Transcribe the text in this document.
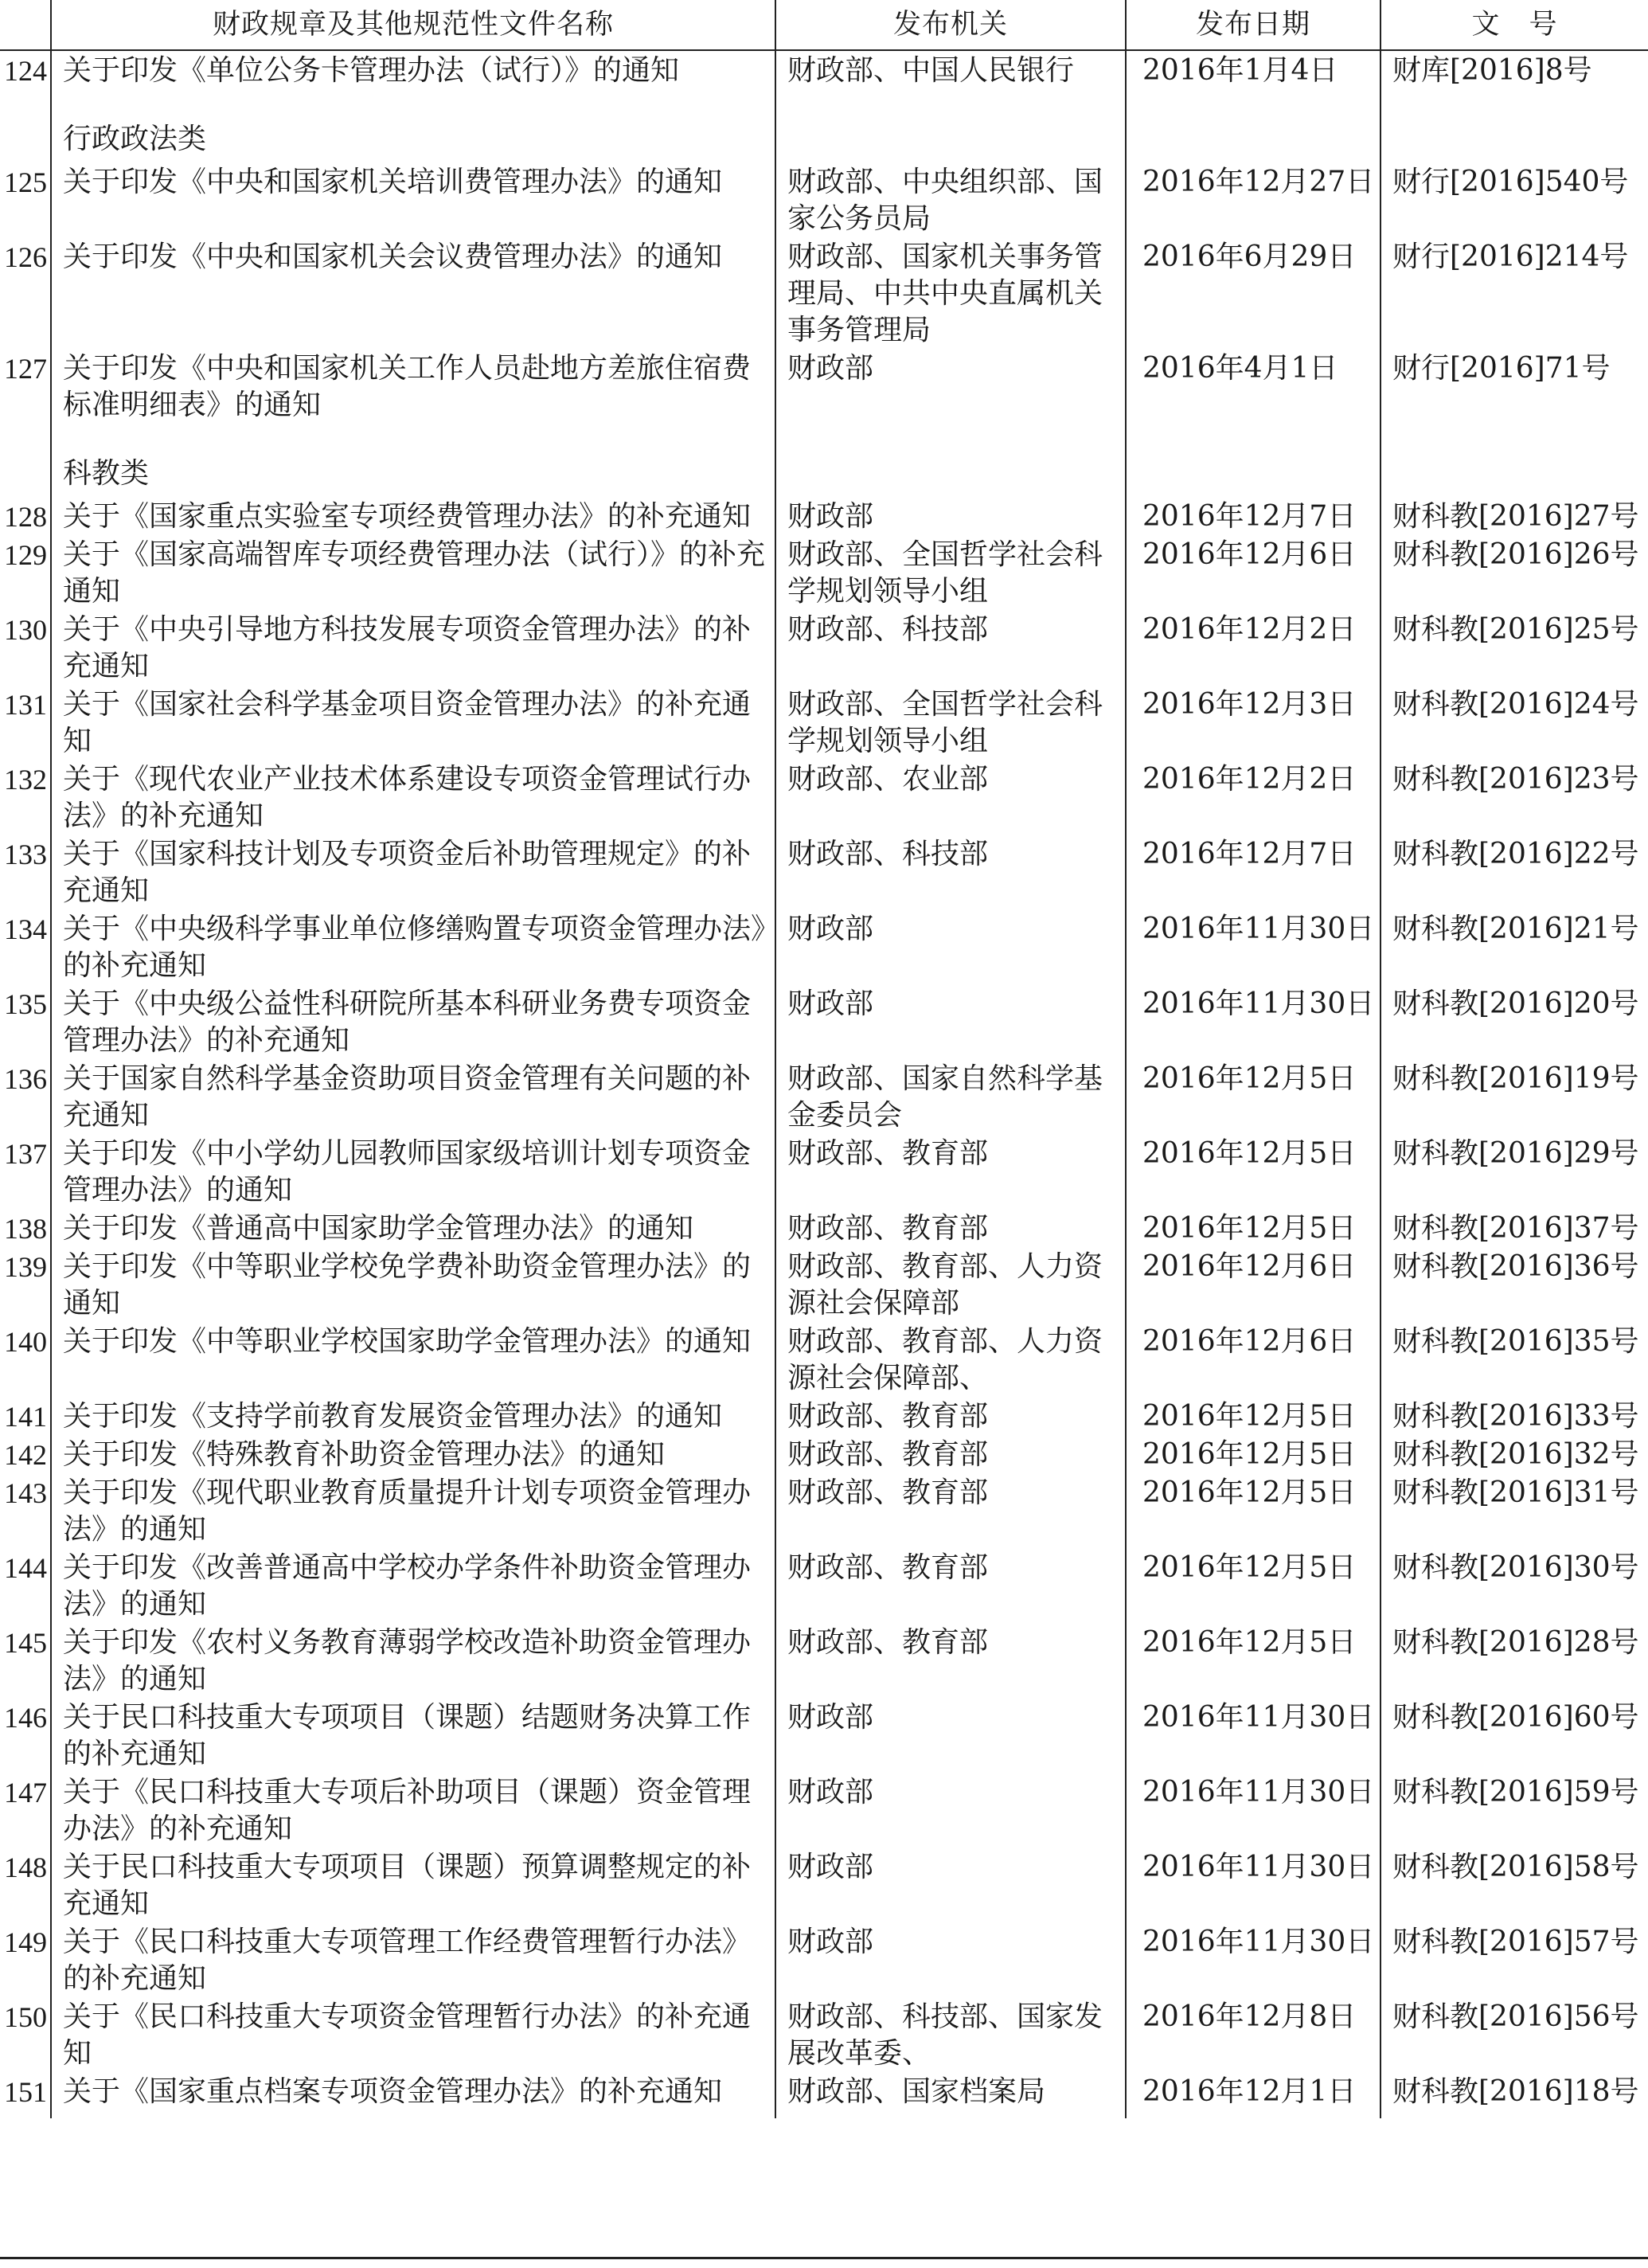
	财政规章及其他规范性文件名称	发布机关	发布日期	文　号
124	关于印发《单位公务卡管理办法（试行）》的通知	财政部、中国人民银行	2016年1月4日	财库[2016]8号
	行政政法类			
125	关于印发《中央和国家机关培训费管理办法》的通知	财政部、中央组织部、国家公务员局	2016年12月27日	财行[2016]540号
126	关于印发《中央和国家机关会议费管理办法》的通知	财政部、国家机关事务管理局、中共中央直属机关事务管理局	2016年6月29日	财行[2016]214号
127	关于印发《中央和国家机关工作人员赴地方差旅住宿费标准明细表》的通知	财政部	2016年4月1日	财行[2016]71号
	科教类			
128	关于《国家重点实验室专项经费管理办法》的补充通知	财政部	2016年12月7日	财科教[2016]27号
129	关于《国家高端智库专项经费管理办法（试行）》的补充通知	财政部、全国哲学社会科学规划领导小组	2016年12月6日	财科教[2016]26号
130	关于《中央引导地方科技发展专项资金管理办法》的补充通知	财政部、科技部	2016年12月2日	财科教[2016]25号
131	关于《国家社会科学基金项目资金管理办法》的补充通知	财政部、全国哲学社会科学规划领导小组	2016年12月3日	财科教[2016]24号
132	关于《现代农业产业技术体系建设专项资金管理试行办法》的补充通知	财政部、农业部	2016年12月2日	财科教[2016]23号
133	关于《国家科技计划及专项资金后补助管理规定》的补充通知	财政部、科技部	2016年12月7日	财科教[2016]22号
134	关于《中央级科学事业单位修缮购置专项资金管理办法》的补充通知	财政部	2016年11月30日	财科教[2016]21号
135	关于《中央级公益性科研院所基本科研业务费专项资金管理办法》的补充通知	财政部	2016年11月30日	财科教[2016]20号
136	关于国家自然科学基金资助项目资金管理有关问题的补充通知	财政部、国家自然科学基金委员会	2016年12月5日	财科教[2016]19号
137	关于印发《中小学幼儿园教师国家级培训计划专项资金管理办法》的通知	财政部、教育部	2016年12月5日	财科教[2016]29号
138	关于印发《普通高中国家助学金管理办法》的通知	财政部、教育部	2016年12月5日	财科教[2016]37号
139	关于印发《中等职业学校免学费补助资金管理办法》的通知	财政部、教育部、人力资源社会保障部	2016年12月6日	财科教[2016]36号
140	关于印发《中等职业学校国家助学金管理办法》的通知	财政部、教育部、人力资源社会保障部、	2016年12月6日	财科教[2016]35号
141	关于印发《支持学前教育发展资金管理办法》的通知	财政部、教育部	2016年12月5日	财科教[2016]33号
142	关于印发《特殊教育补助资金管理办法》的通知	财政部、教育部	2016年12月5日	财科教[2016]32号
143	关于印发《现代职业教育质量提升计划专项资金管理办法》的通知	财政部、教育部	2016年12月5日	财科教[2016]31号
144	关于印发《改善普通高中学校办学条件补助资金管理办法》的通知	财政部、教育部	2016年12月5日	财科教[2016]30号
145	关于印发《农村义务教育薄弱学校改造补助资金管理办法》的通知	财政部、教育部	2016年12月5日	财科教[2016]28号
146	关于民口科技重大专项项目（课题）结题财务决算工作的补充通知	财政部	2016年11月30日	财科教[2016]60号
147	关于《民口科技重大专项后补助项目（课题）资金管理办法》的补充通知	财政部	2016年11月30日	财科教[2016]59号
148	关于民口科技重大专项项目（课题）预算调整规定的补充通知	财政部	2016年11月30日	财科教[2016]58号
149	关于《民口科技重大专项管理工作经费管理暂行办法》的补充通知	财政部	2016年11月30日	财科教[2016]57号
150	关于《民口科技重大专项资金管理暂行办法》的补充通知	财政部、科技部、国家发展改革委、	2016年12月8日	财科教[2016]56号
151	关于《国家重点档案专项资金管理办法》的补充通知	财政部、国家档案局	2016年12月1日	财科教[2016]18号
